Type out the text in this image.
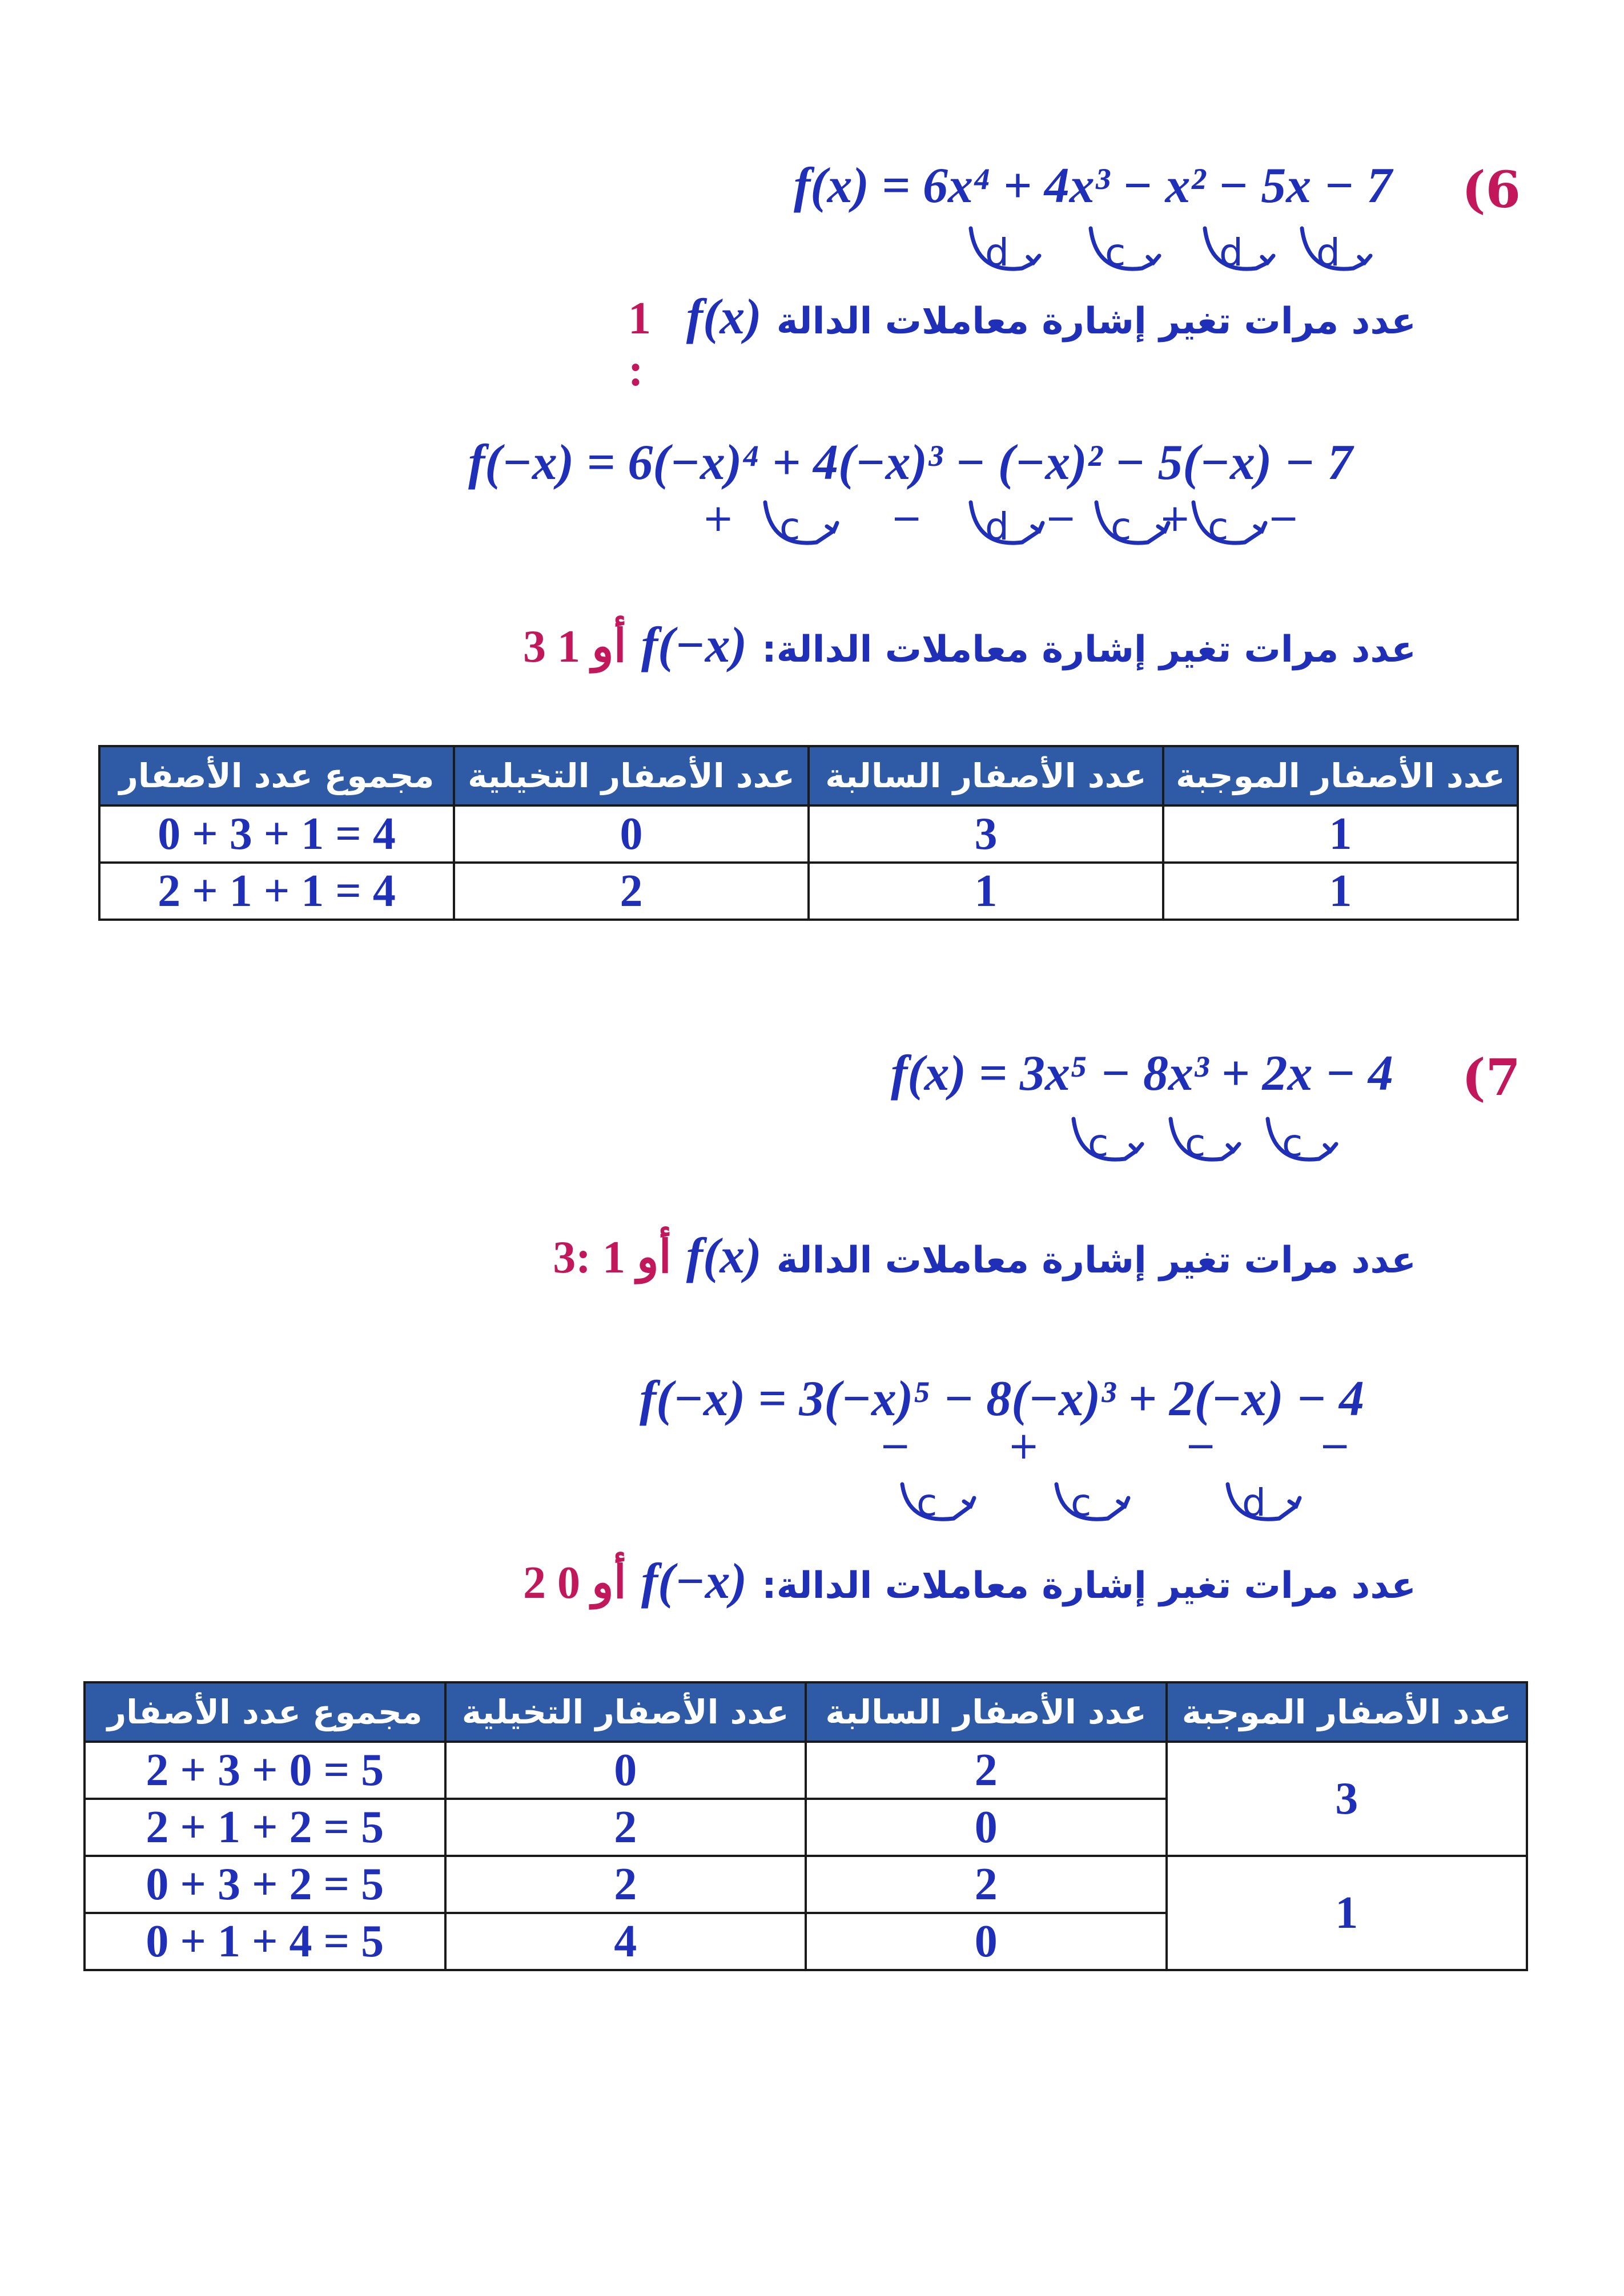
(6
f(x) = 6x⁴ + 4x³ − x² − 5x − 7
d	c d d
عدد مرات تغير إشارة معاملات الدالة
f(x)
1 :
f(−x) = 6(−x)⁴ + 4(−x)³ − (−x)² − 5(−x) − 7
+ c − d − c + c −
عدد مرات تغير إشارة معاملات الدالة:
f(−x)
3 أو 1
عدد الأصفار الموجبة	عدد الأصفار السالبة	عدد الأصفار التخيلية	مجموع عدد الأصفار
1	3	0	0 + 3 + 1 = 4
1	1	2	2 + 1 + 1 = 4
(7
f(x) = 3x⁵ − 8x³ + 2x − 4
c c c
عدد مرات تغير إشارة معاملات الدالة
f(x)
3: أو 1
f(−x) = 3(−x)⁵ − 8(−x)³ + 2(−x) − 4
−
c
+
c
−
d
−
عدد مرات تغير إشارة معاملات الدالة:
f(−x)
2 أو 0
عدد الأصفار الموجبة	عدد الأصفار السالبة	عدد الأصفار التخيلية	مجموع عدد الأصفار
3	2	0	2 + 3 + 0 = 5
	0	2	2 + 1 + 2 = 5
1	2	2	0 + 3 + 2 = 5
	0	4	0 + 1 + 4 = 5
